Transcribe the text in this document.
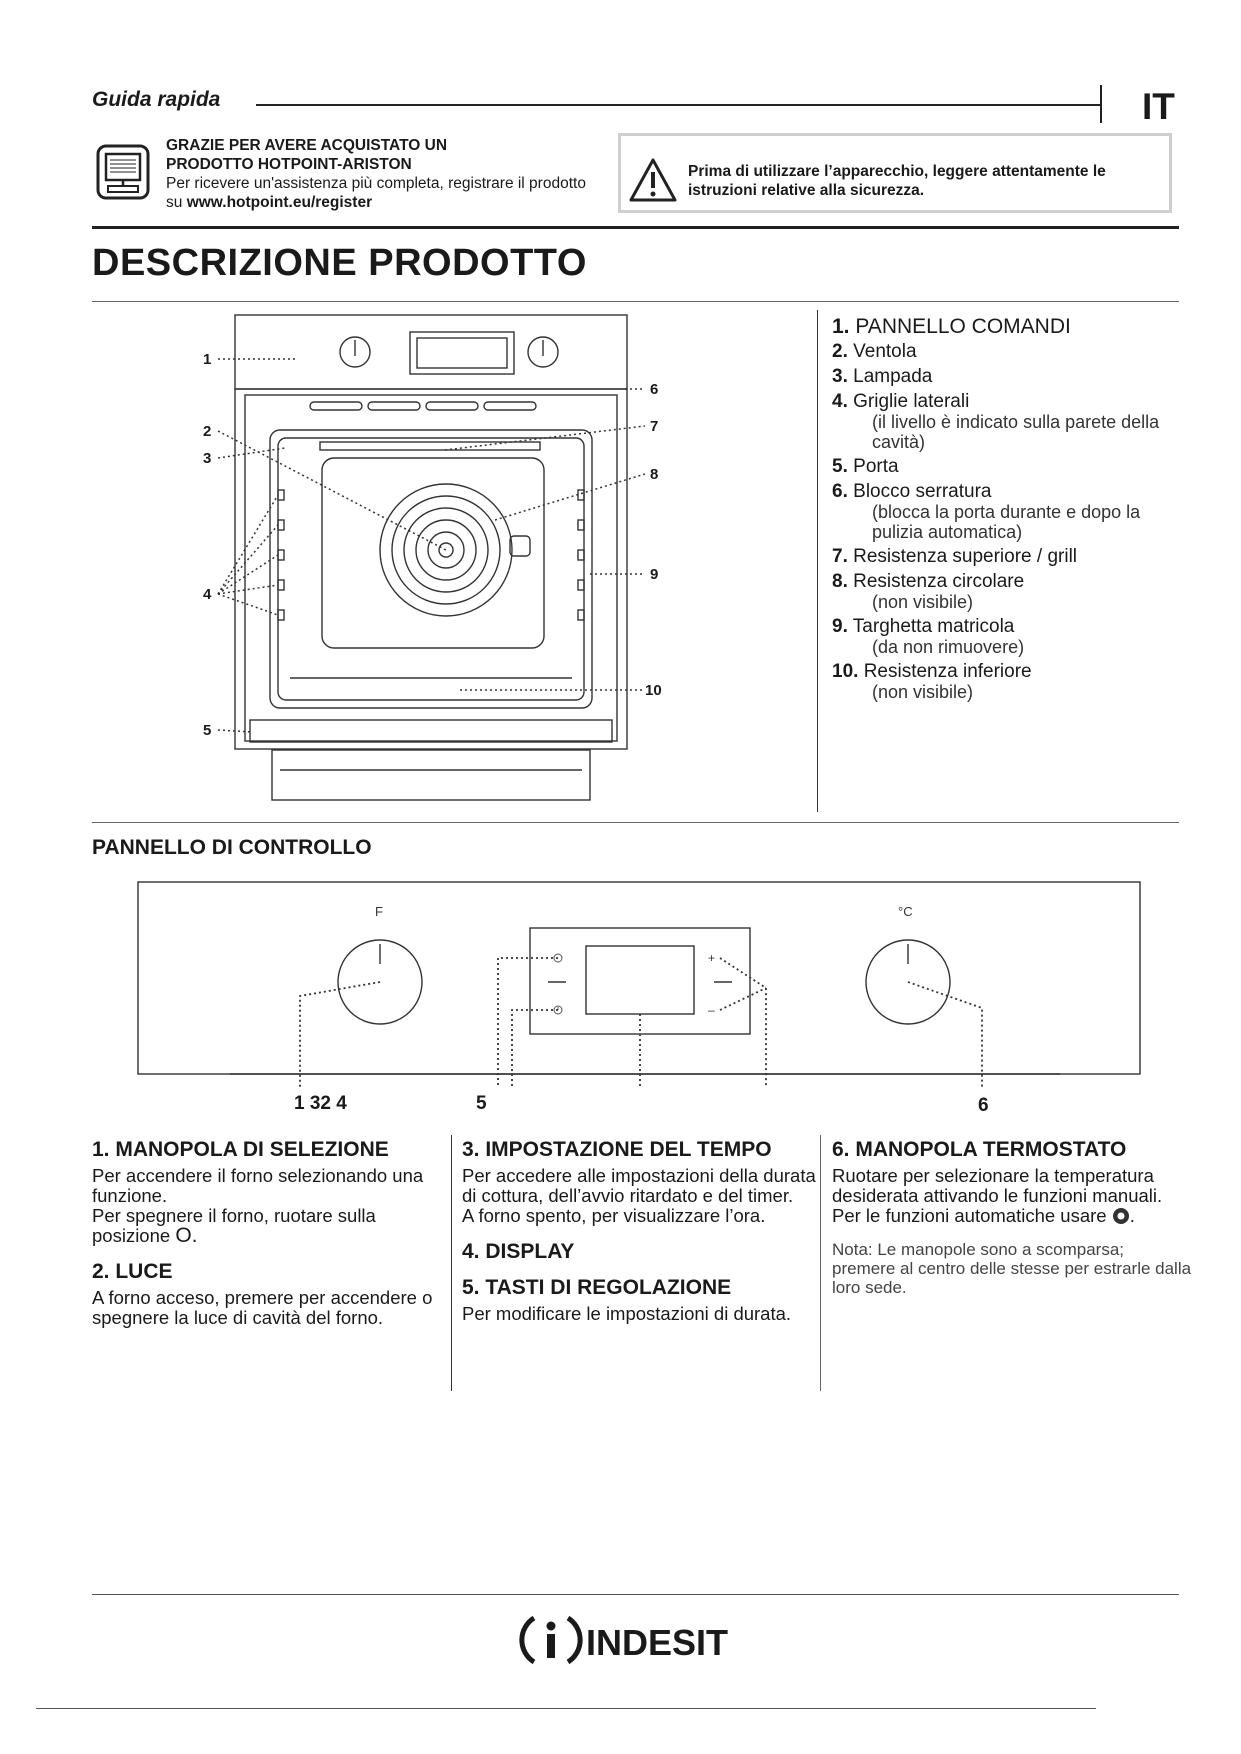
Guida rapida	IT
GRAZIE PER AVERE ACQUISTATO UN
PRODOTTO HOTPOINT-ARISTON
Per ricevere un'assistenza più completa, registrare il prodotto su www.hotpoint.eu/register
Prima di utilizzare l’apparecchio, leggere attentamente le istruzioni relative alla sicurezza.
DESCRIZIONE PRODOTTO
1
2
3
4
5
6
7
8
9
10
1. PANNELLO COMANDI
2. Ventola
3. Lampada
4. Griglie laterali
(il livello è indicato sulla parete della cavità)
5. Porta
6. Blocco serratura
(blocca la porta durante e dopo la pulizia automatica)
7. Resistenza superiore / grill
8. Resistenza circolare
(non visibile)
9. Targhetta matricola
(da non rimuovere)
10. Resistenza inferiore
(non visibile)
PANNELLO DI CONTROLLO
F	°C
+
–
1 32 4	5	6
1. MANOPOLA DI SELEZIONE

Per accendere il forno selezionando una funzione.

Per spegnere il forno, ruotare sulla posizione O.

2. LUCE

A forno acceso, premere per accendere o spegnere la luce di cavità del forno.

3. IMPOSTAZIONE DEL TEMPO

Per accedere alle impostazioni della durata di cottura, dell’avvio ritardato e del timer.

A forno spento, per visualizzare l’ora.

4. DISPLAY
5. TASTI DI REGOLAZIONE

Per modificare le impostazioni di durata.

6. MANOPOLA TERMOSTATO

Ruotare per selezionare la temperatura desiderata attivando le funzioni manuali. Per le funzioni automatiche usare .

Nota: Le manopole sono a scomparsa; premere al centro delle stesse per estrarle dalla loro sede.

INDESIT
